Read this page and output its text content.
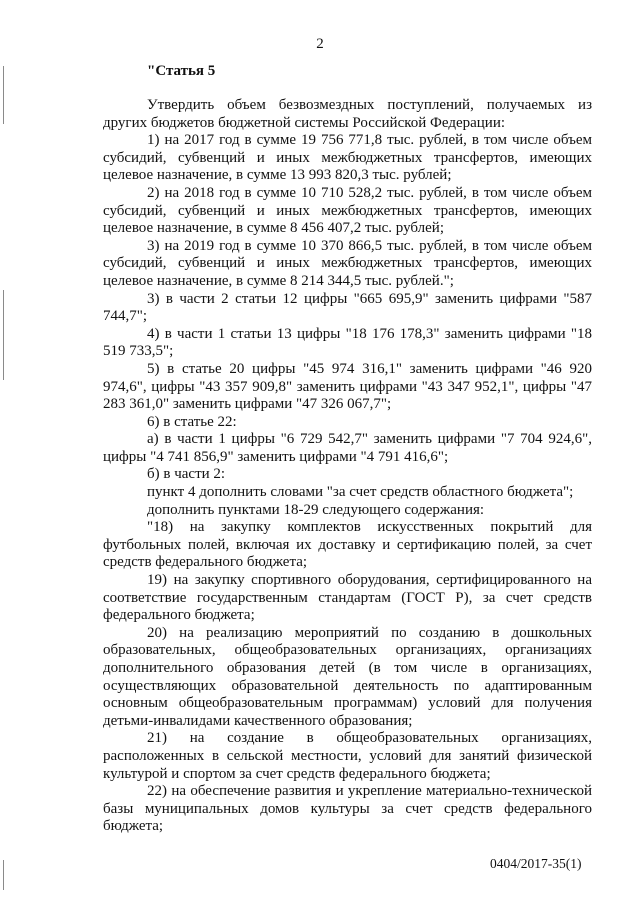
2
"Статья 5

Утвердить объем безвозмездных поступлений, получаемых из других бюджетов бюджетной системы Российской Федерации:

1) на 2017 год в сумме 19 756 771,8 тыс. рублей, в том числе объем субсидий, субвенций и иных межбюджетных трансфертов, имеющих целевое назначение, в сумме 13 993 820,3 тыс. рублей;

2) на 2018 год в сумме 10 710 528,2 тыс. рублей, в том числе объем субсидий, субвенций и иных межбюджетных трансфертов, имеющих целевое назначение, в сумме 8 456 407,2 тыс. рублей;

3) на 2019 год в сумме 10 370 866,5 тыс. рублей, в том числе объем субсидий, субвенций и иных межбюджетных трансфертов, имеющих целевое назначение, в сумме 8 214 344,5 тыс. рублей.";

3) в части 2 статьи 12 цифры "665 695,9" заменить цифрами "587 744,7";

4) в части 1 статьи 13 цифры "18 176 178,3" заменить цифрами "18 519 733,5";

5) в статье 20 цифры "45 974 316,1" заменить цифрами "46 920 974,6", цифры "43 357 909,8" заменить цифрами "43 347 952,1", цифры "47 283 361,0" заменить цифрами "47 326 067,7";

6) в статье 22:

а) в части 1 цифры "6 729 542,7" заменить цифрами "7 704 924,6", цифры "4 741 856,9" заменить цифрами "4 791 416,6";

б) в части 2:

пункт 4 дополнить словами "за счет средств областного бюджета";

дополнить пунктами 18-29 следующего содержания:

"18) на закупку комплектов искусственных покрытий для футбольных полей, включая их доставку и сертификацию полей, за счет средств федерального бюджета;

19) на закупку спортивного оборудования, сертифицированного на соответствие государственным стандартам (ГОСТ Р), за счет средств федерального бюджета;

20) на реализацию мероприятий по созданию в дошкольных образовательных, общеобразовательных организациях, организациях дополнительного образования детей (в том числе в организациях, осуществляющих образовательной деятельность по адаптированным основным общеобразовательным программам) условий для получения детьми-инвалидами качественного образования;

21) на создание в общеобразовательных организациях, расположенных в сельской местности, условий для занятий физической культурой и спортом за счет средств федерального бюджета;

22) на обеспечение развития и укрепление материально-технической базы муниципальных домов культуры за счет средств федерального бюджета;

0404/2017-35(1)
